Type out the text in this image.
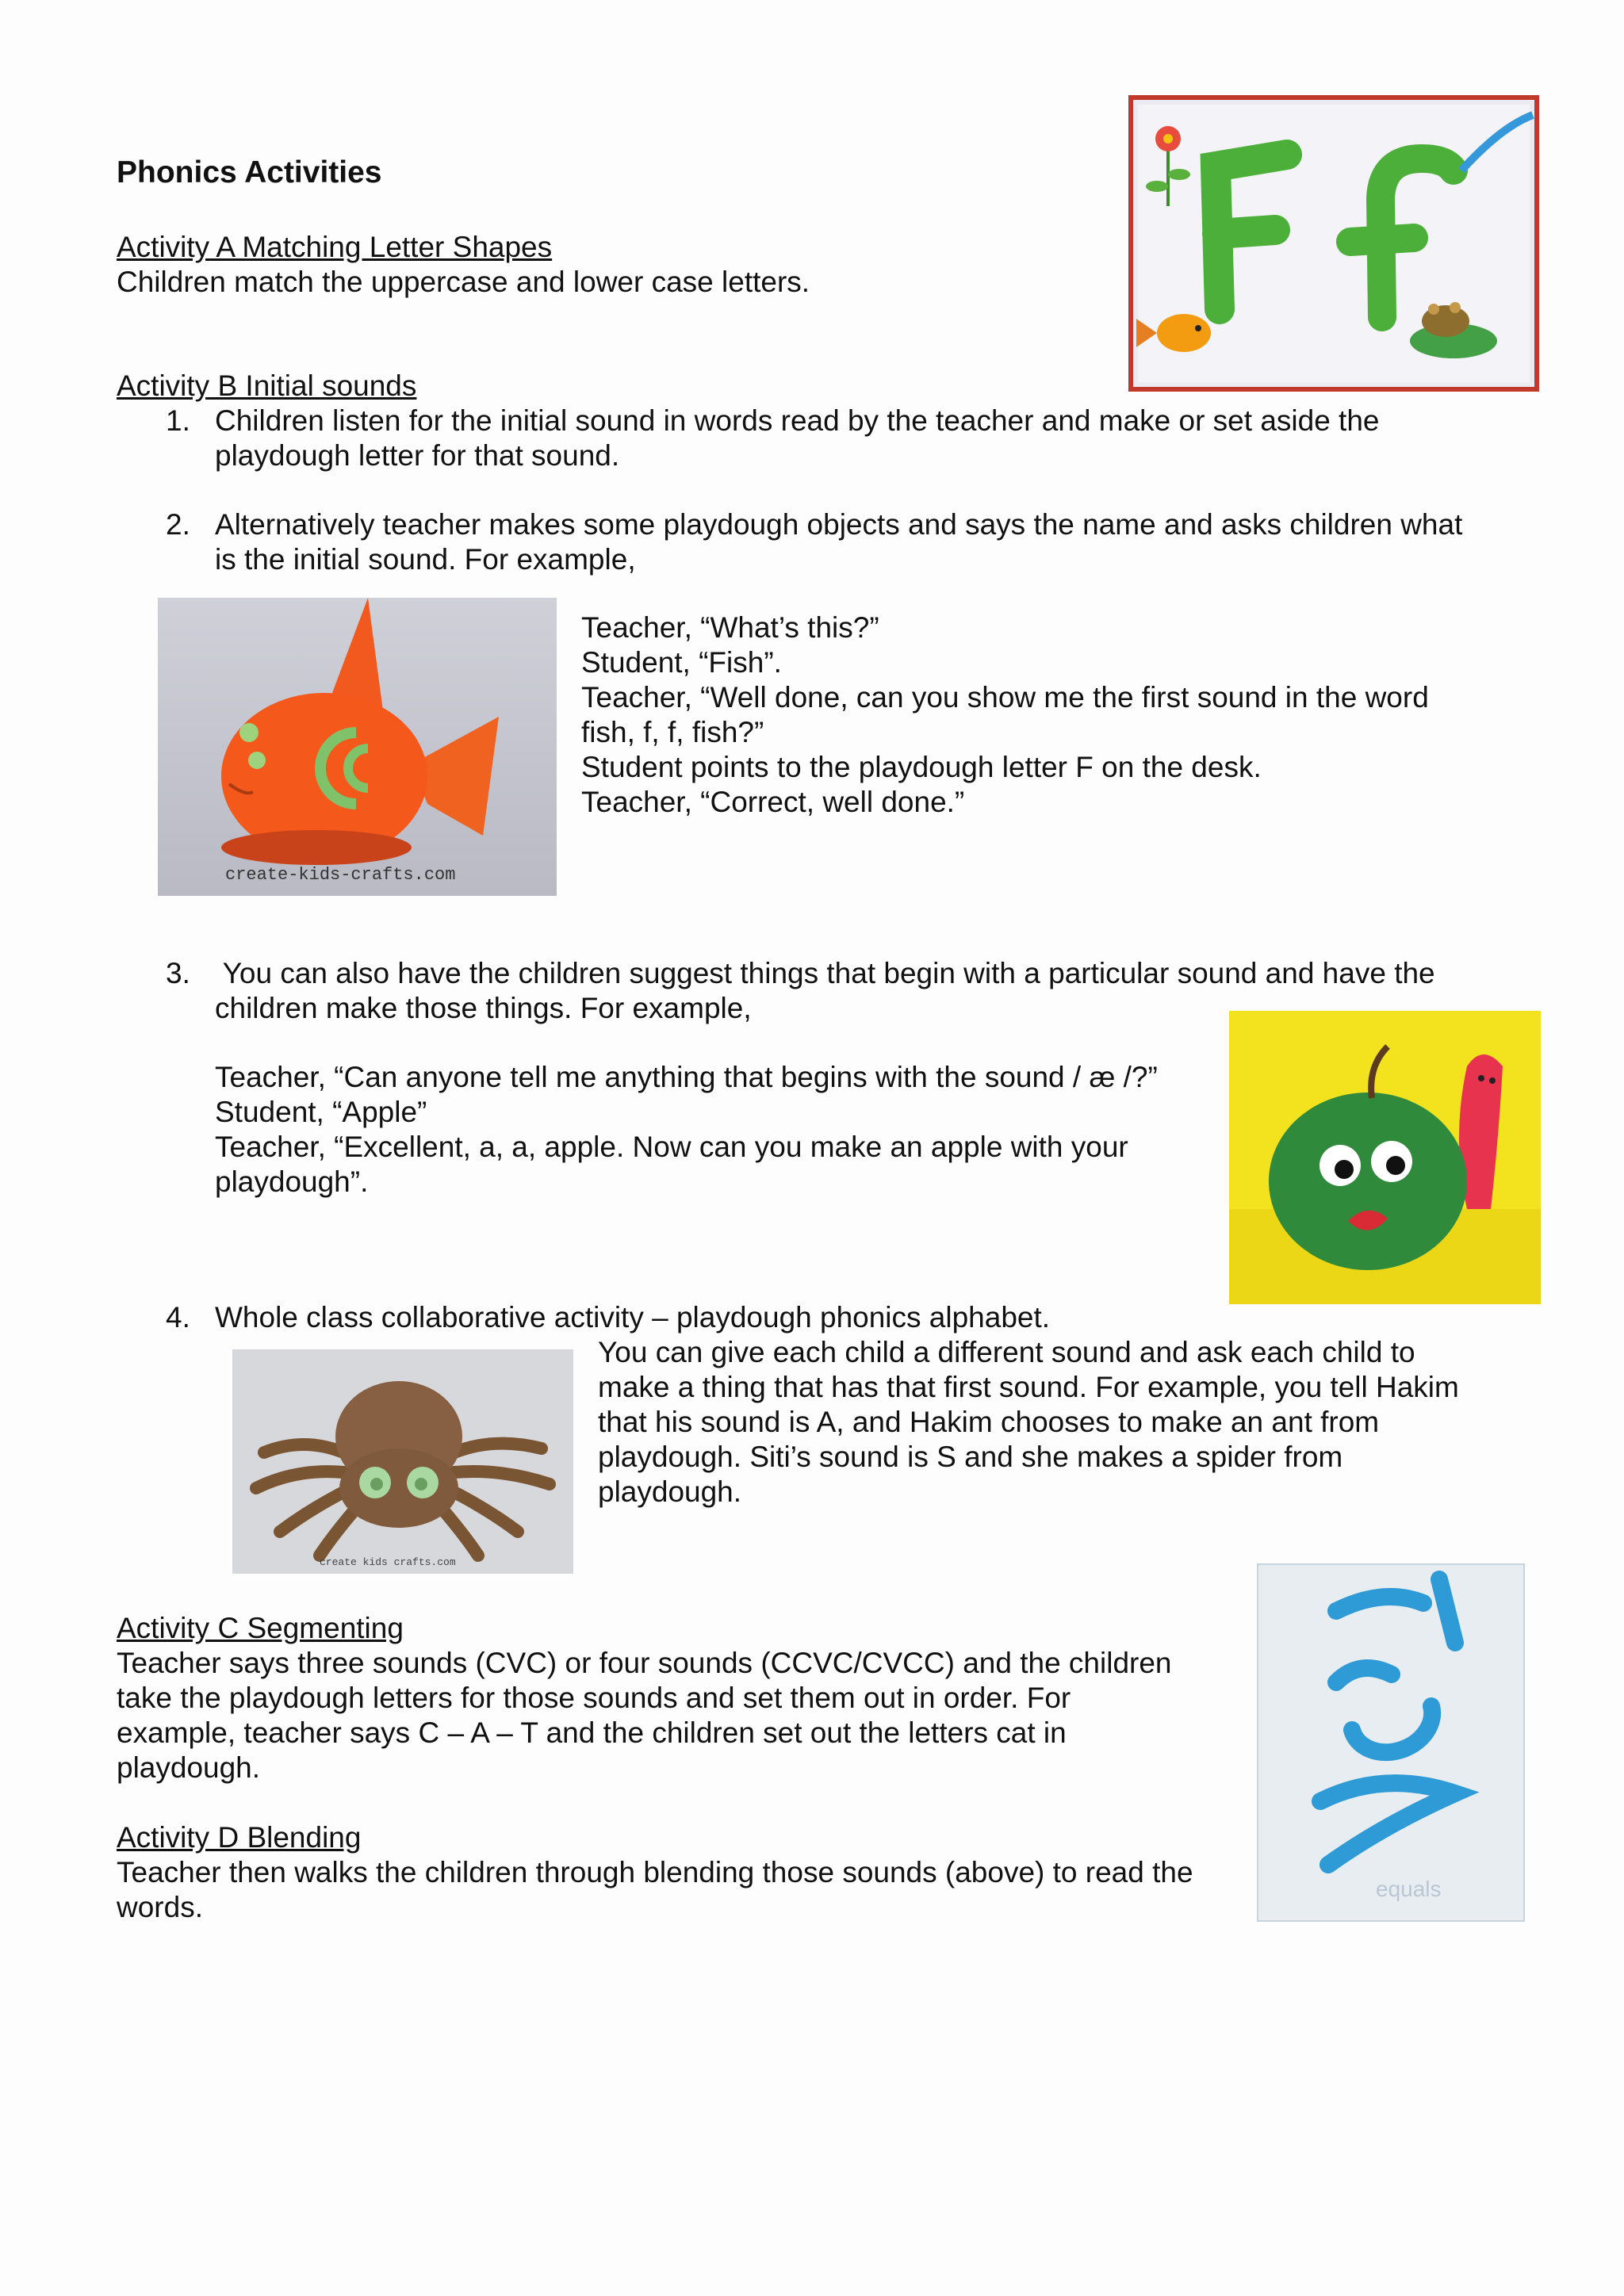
Phonics Activities
Activity A Matching Letter Shapes
Children match the uppercase and lower case letters.
Activity B Initial sounds
1. Children listen for the initial sound in words read by the teacher and make or set aside the
playdough letter for that sound.
2. Alternatively teacher makes some playdough objects and says the name and asks children what
is the initial sound. For example,
create-kids-crafts.com
Teacher, “What’s this?”
Student, “Fish”.
Teacher, “Well done, can you show me the first sound in the word
fish, f, f, fish?”
Student points to the playdough letter F on the desk.
Teacher, “Correct, well done.”
3. You can also have the children suggest things that begin with a particular sound and have the
children make those things. For example,
Teacher, “Can anyone tell me anything that begins with the sound / æ /?”
Student, “Apple”
Teacher, “Excellent, a, a, apple. Now can you make an apple with your
playdough”.
4. Whole class collaborative activity – playdough phonics alphabet.
You can give each child a different sound and ask each child to
make a thing that has that first sound. For example, you tell Hakim
that his sound is A, and Hakim chooses to make an ant from
playdough. Siti’s sound is S and she makes a spider from
playdough.
create kids crafts.com
Activity C Segmenting
Teacher says three sounds (CVC) or four sounds (CCVC/CVCC) and the children
take the playdough letters for those sounds and set them out in order. For
example, teacher says C – A – T and the children set out the letters cat in
playdough.
equals
Activity D Blending
Teacher then walks the children through blending those sounds (above) to read the
words.
